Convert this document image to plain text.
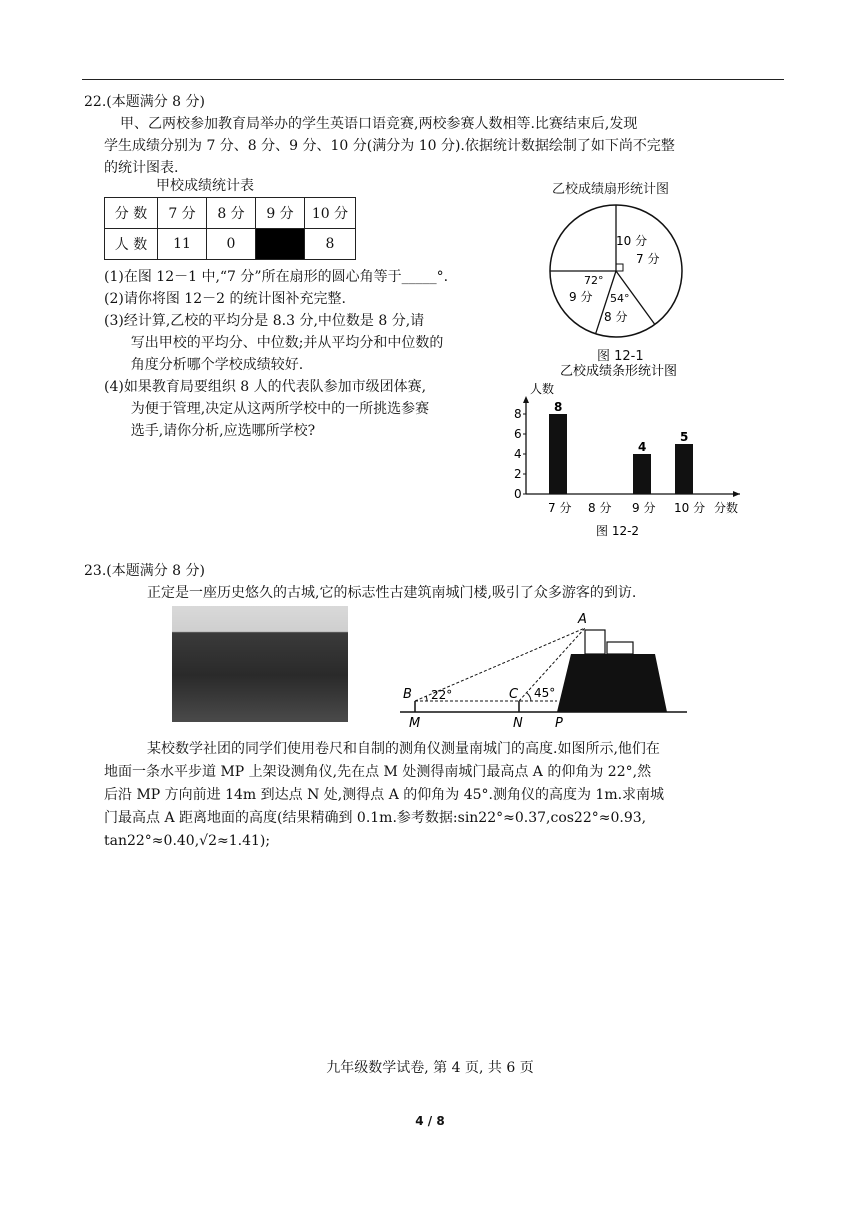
22.(本题满分 8 分)
甲、乙两校参加教育局举办的学生英语口语竞赛,两校参赛人数相等.比赛结束后,发现
学生成绩分别为 7 分、8 分、9 分、10 分(满分为 10 分).依据统计数据绘制了如下尚不完整
的统计图表.
甲校成绩统计表
分 数	7 分	8 分	9 分	10 分
人 数	11	0		8
(1)在图 12－1 中,“7 分”所在扇形的圆心角等于_____°.
(2)请你将图 12－2 的统计图补充完整.
(3)经计算,乙校的平均分是 8.3 分,中位数是 8 分,请
写出甲校的平均分、中位数;并从平均分和中位数的
角度分析哪个学校成绩较好.
(4)如果教育局要组织 8 人的代表队参加市级团体赛,
为便于管理,决定从这两所学校中的一所挑选参赛
选手,请你分析,应选哪所学校?
乙校成绩扇形统计图
10 分
7 分
9 分
8 分
72°
54°
图 12-1
乙校成绩条形统计图
人数
分数
图 12-2
0
2
4
6
8
7 分
8
8 分 9 分
4
10 分
5
23.(本题满分 8 分)
正定是一座历史悠久的古城,它的标志性古建筑南城门楼,吸引了众多游客的到访.
A
B	C
M	N P
22°	45°
某校数学社团的同学们使用卷尺和自制的测角仪测量南城门的高度.如图所示,他们在
地面一条水平步道 MP 上架设测角仪,先在点 M 处测得南城门最高点 A 的仰角为 22°,然
后沿 MP 方向前进 14m 到达点 N 处,测得点 A 的仰角为 45°.测角仪的高度为 1m.求南城
门最高点 A 距离地面的高度(结果精确到 0.1m.参考数据:sin22°≈0.37,cos22°≈0.93,
tan22°≈0.40,√2≈1.41);
九年级数学试卷, 第 4 页, 共 6 页
4 / 8
